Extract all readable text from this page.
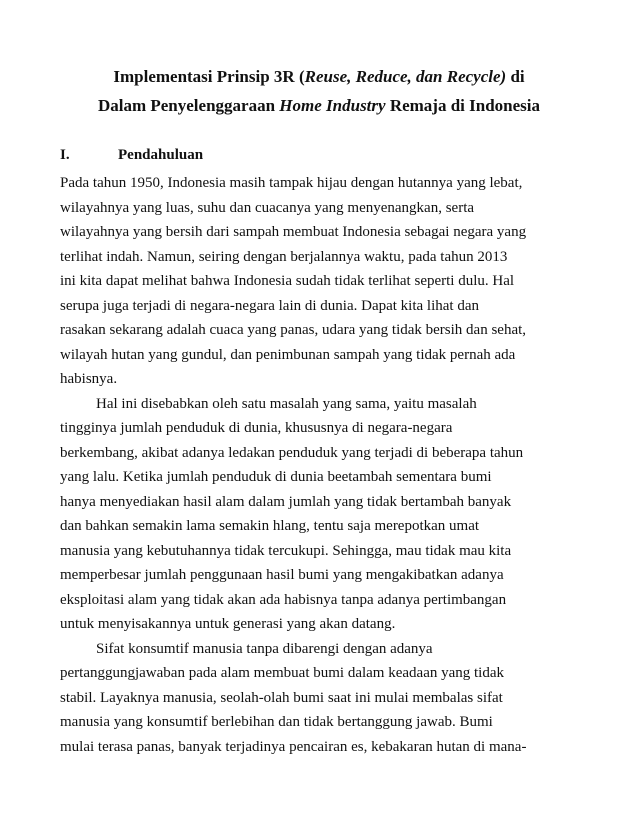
Implementasi Prinsip 3R (Reuse, Reduce, dan Recycle) di
Dalam Penyelenggaraan Home Industry Remaja di Indonesia
I.	Pendahuluan
Pada tahun 1950, Indonesia masih tampak hijau dengan hutannya yang lebat,
wilayahnya yang luas, suhu dan cuacanya yang menyenangkan, serta
wilayahnya yang bersih dari sampah membuat Indonesia sebagai negara yang
terlihat indah. Namun, seiring dengan berjalannya waktu, pada tahun 2013
ini kita dapat melihat bahwa Indonesia sudah tidak terlihat seperti dulu. Hal
serupa juga terjadi di negara-negara lain di dunia. Dapat kita lihat dan
rasakan sekarang adalah cuaca yang panas, udara yang tidak bersih dan sehat,
wilayah hutan yang gundul, dan penimbunan sampah yang tidak pernah ada
habisnya.
Hal ini disebabkan oleh satu masalah yang sama, yaitu masalah
tingginya jumlah penduduk di dunia, khususnya di negara-negara
berkembang, akibat adanya ledakan penduduk yang terjadi di beberapa tahun
yang lalu. Ketika jumlah penduduk di dunia beetambah sementara bumi
hanya menyediakan hasil alam dalam jumlah yang tidak bertambah banyak
dan bahkan semakin lama semakin hlang, tentu saja merepotkan umat
manusia yang kebutuhannya tidak tercukupi. Sehingga, mau tidak mau kita
memperbesar jumlah penggunaan hasil bumi yang mengakibatkan adanya
eksploitasi alam yang tidak akan ada habisnya tanpa adanya pertimbangan
untuk menyisakannya untuk generasi yang akan datang.
Sifat konsumtif manusia tanpa dibarengi dengan adanya
pertanggungjawaban pada alam membuat bumi dalam keadaan yang tidak
stabil. Layaknya manusia, seolah-olah bumi saat ini mulai membalas sifat
manusia yang konsumtif berlebihan dan tidak bertanggung jawab. Bumi
mulai terasa panas, banyak terjadinya pencairan es, kebakaran hutan di mana-
